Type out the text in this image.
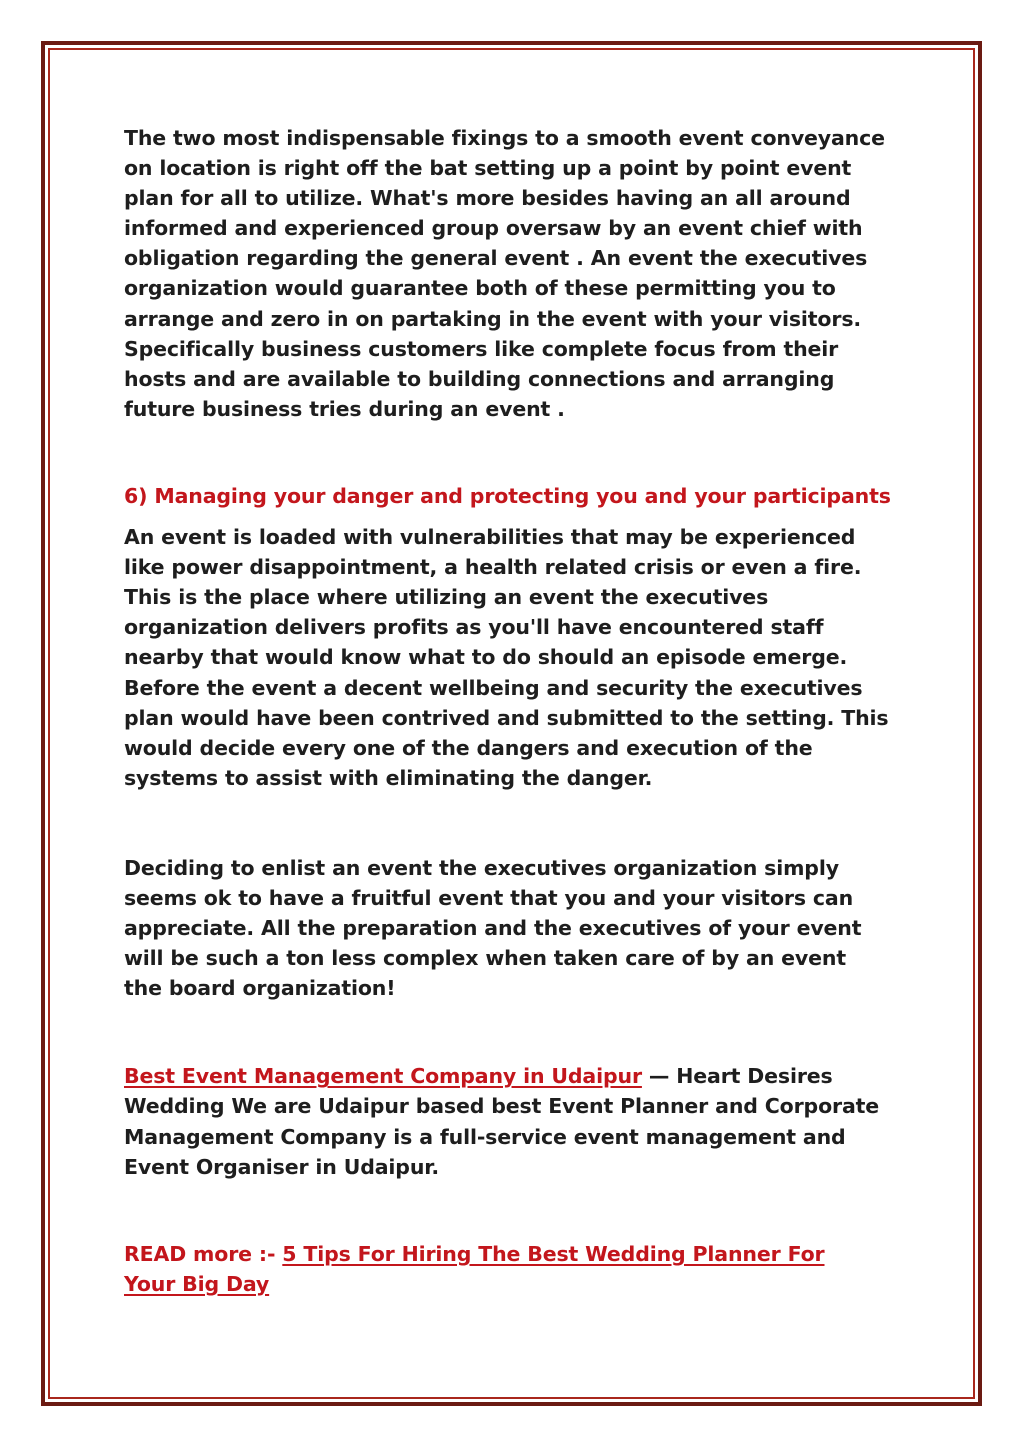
The two most indispensable fixings to a smooth event conveyance
on location is right off the bat setting up a point by point event
plan for all to utilize. What's more besides having an all around
informed and experienced group oversaw by an event chief with
obligation regarding the general event . An event the executives
organization would guarantee both of these permitting you to
arrange and zero in on partaking in the event with your visitors.
Specifically business customers like complete focus from their
hosts and are available to building connections and arranging
future business tries during an event .

6) Managing your danger and protecting you and your participants

An event is loaded with vulnerabilities that may be experienced
like power disappointment, a health related crisis or even a fire.
This is the place where utilizing an event the executives
organization delivers profits as you'll have encountered staff
nearby that would know what to do should an episode emerge.
Before the event a decent wellbeing and security the executives
plan would have been contrived and submitted to the setting. This
would decide every one of the dangers and execution of the
systems to assist with eliminating the danger.

Deciding to enlist an event the executives organization simply
seems ok to have a fruitful event that you and your visitors can
appreciate. All the preparation and the executives of your event
will be such a ton less complex when taken care of by an event
the board organization!

Best Event Management Company in Udaipur — Heart Desires
Wedding We are Udaipur based best Event Planner and Corporate
Management Company is a full-service event management and
Event Organiser in Udaipur.

READ more :- 5 Tips For Hiring The Best Wedding Planner For
Your Big Day
